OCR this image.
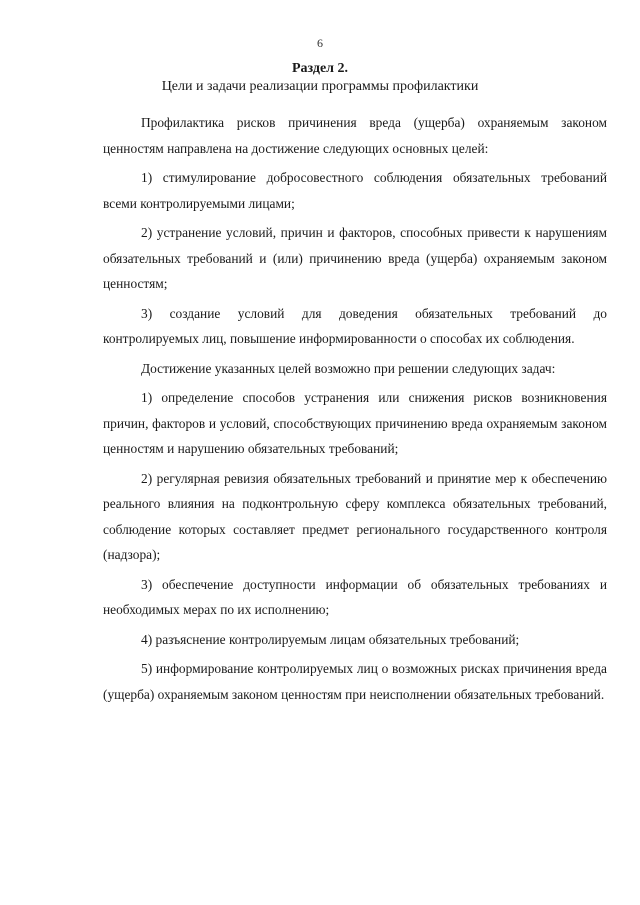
6
Раздел 2.
Цели и задачи реализации программы профилактики

Профилактика рисков причинения вреда (ущерба) охраняемым законом ценностям направлена на достижение следующих основных целей:

1) стимулирование добросовестного соблюдения обязательных требований всеми контролируемыми лицами;

2) устранение условий, причин и факторов, способных привести к нарушениям обязательных требований и (или) причинению вреда (ущерба) охраняемым законом ценностям;

3) создание условий для доведения обязательных требований до контролируемых лиц, повышение информированности о способах их соблюдения.

Достижение указанных целей возможно при решении следующих задач:

1) определение способов устранения или снижения рисков возникновения причин, факторов и условий, способствующих причинению вреда охраняемым законом ценностям и нарушению обязательных требований;

2) регулярная ревизия обязательных требований и принятие мер к обеспечению реального влияния на подконтрольную сферу комплекса обязательных требований, соблюдение которых составляет предмет регионального государственного контроля (надзора);

3) обеспечение доступности информации об обязательных требованиях и необходимых мерах по их исполнению;

4) разъяснение контролируемым лицам обязательных требований;

5) информирование контролируемых лиц о возможных рисках причинения вреда (ущерба) охраняемым законом ценностям при неисполнении обязательных требований.
